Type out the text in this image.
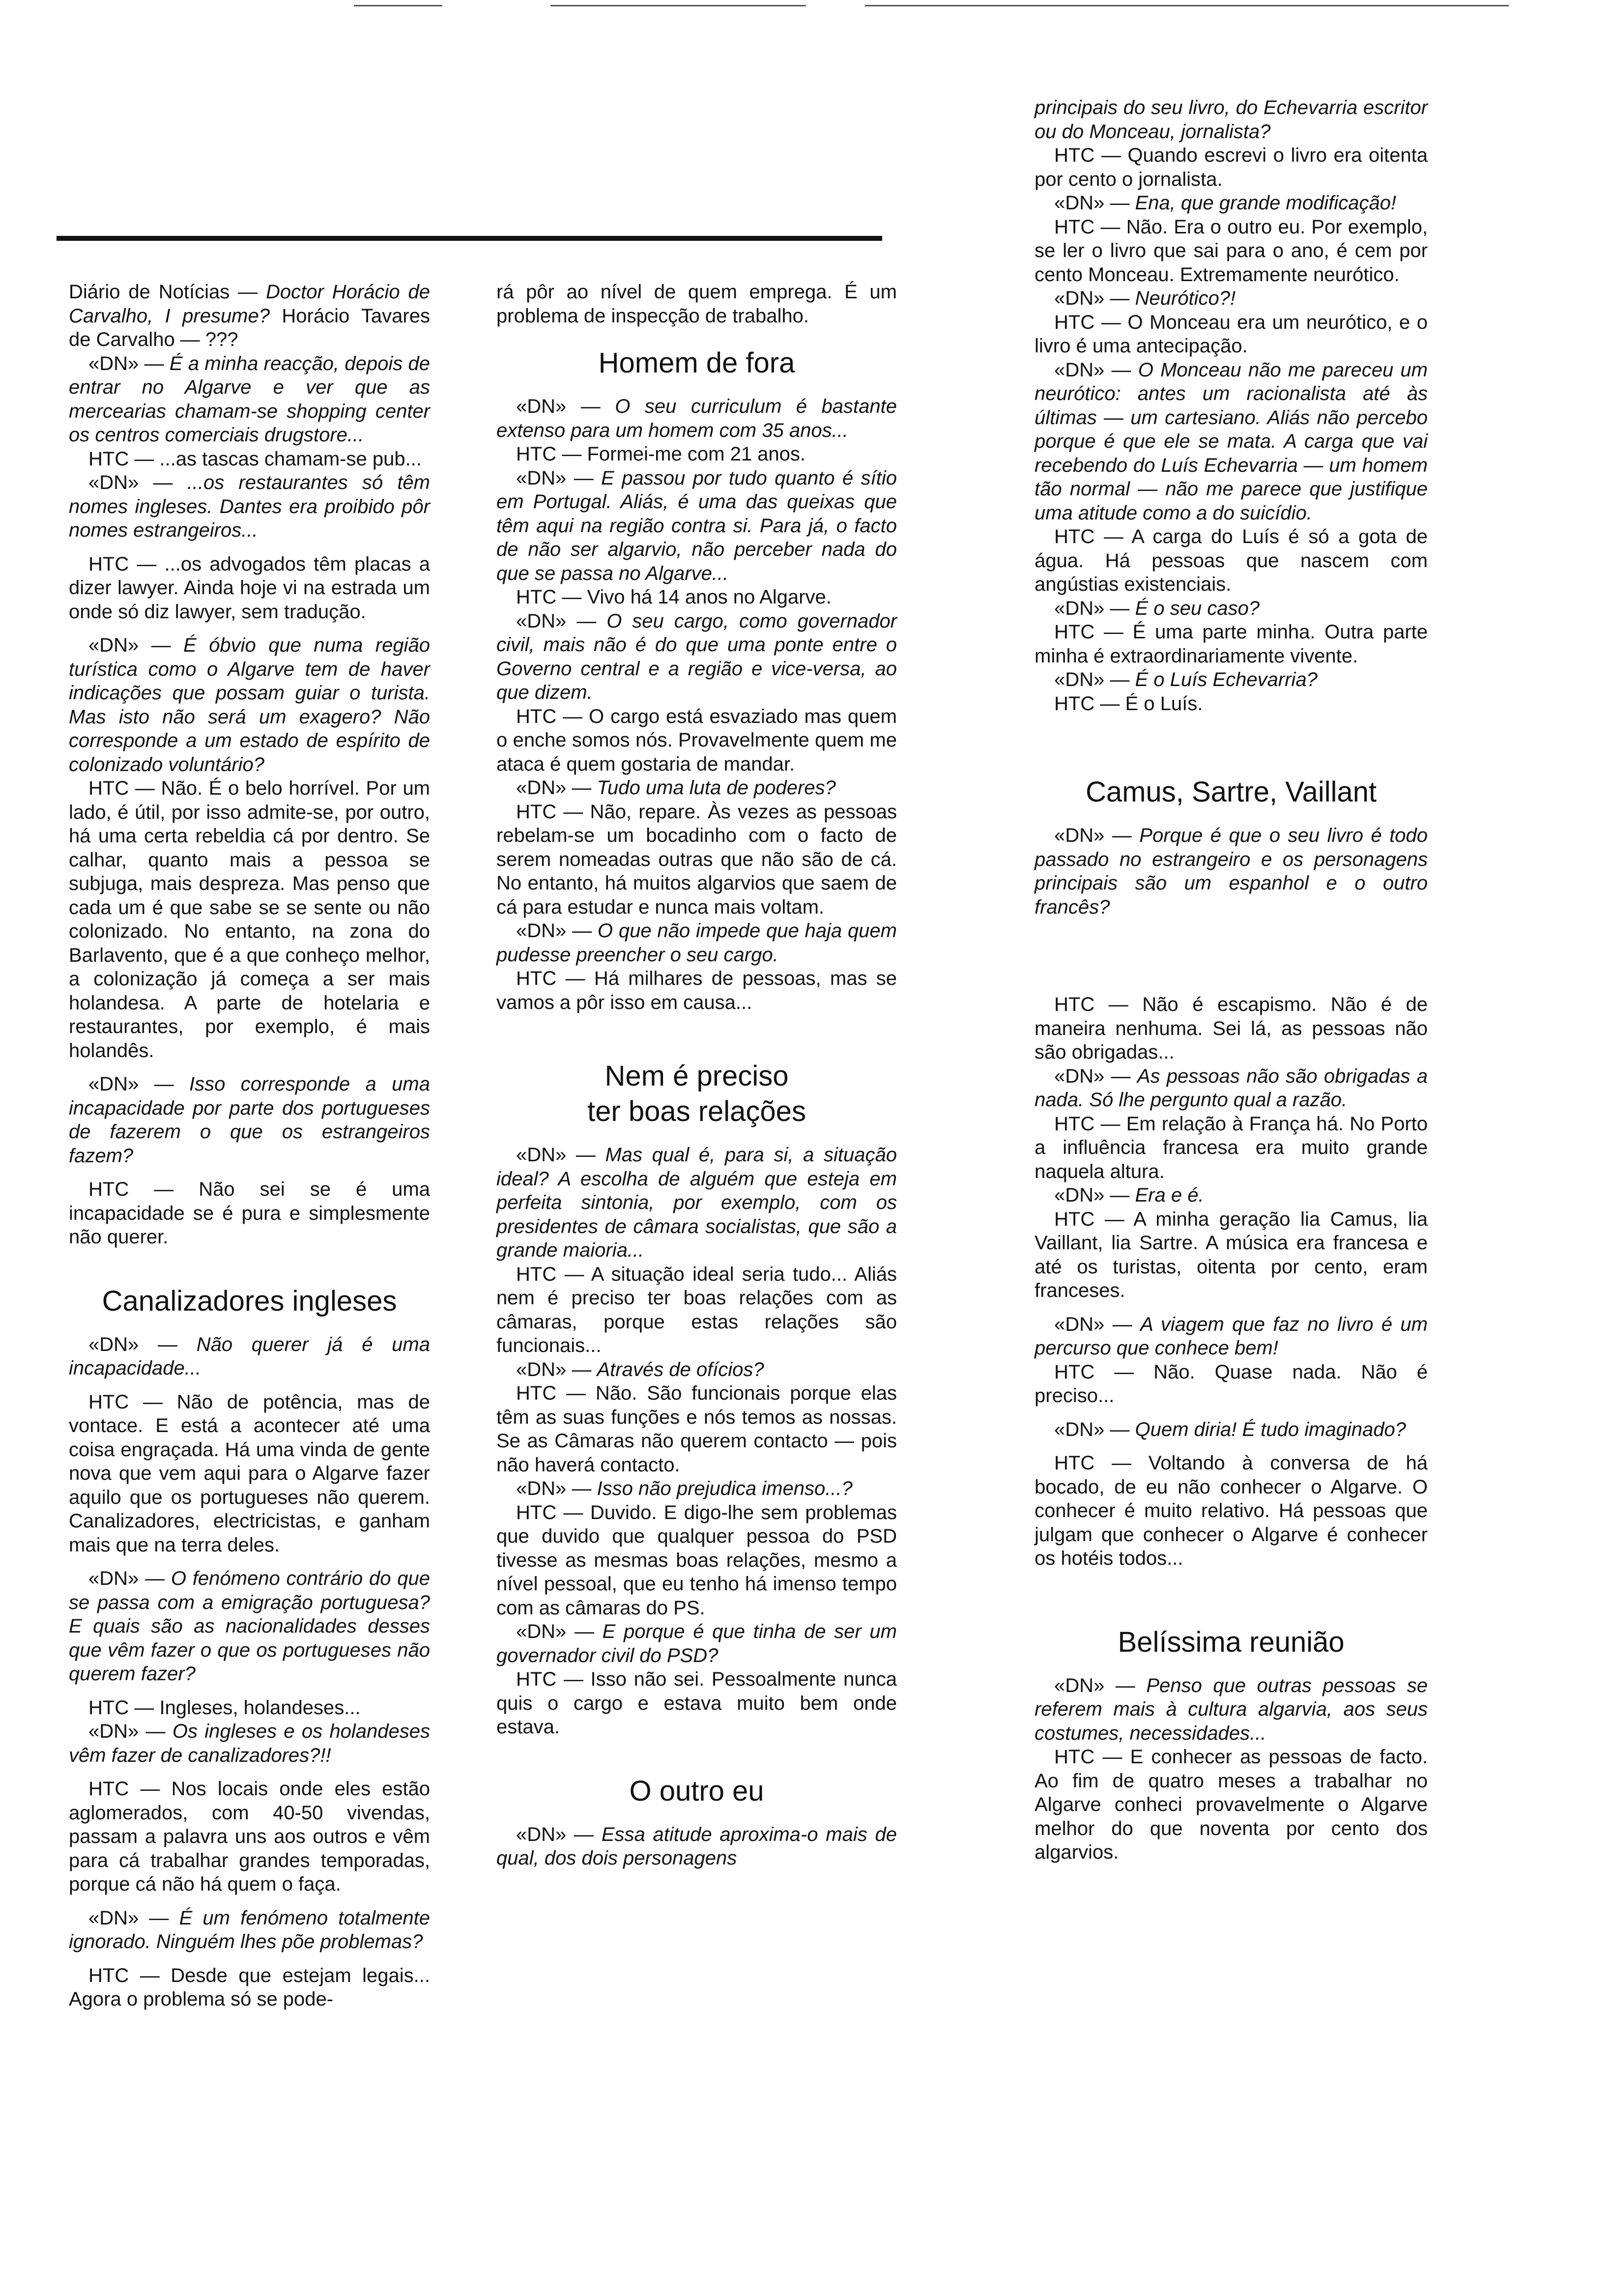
Diário de Notícias — Doctor Horácio de Carvalho, I presume? Horácio Tavares de Carvalho — ???

«DN» — É a minha reacção, depois de entrar no Algarve e ver que as mercearias chamam-se shopping center os centros comerciais drugstore...

HTC — ...as tascas chamam-se pub...

«DN» — ...os restaurantes só têm nomes ingleses. Dantes era proibido pôr nomes estrangeiros...

HTC — ...os advogados têm placas a dizer lawyer. Ainda hoje vi na estrada um onde só diz lawyer, sem tradução.

«DN» — É óbvio que numa região turística como o Algarve tem de haver indicações que possam guiar o turista. Mas isto não será um exagero? Não corresponde a um estado de espírito de colonizado voluntário?

HTC — Não. É o belo horrível. Por um lado, é útil, por isso admite-se, por outro, há uma certa rebeldia cá por dentro. Se calhar, quanto mais a pessoa se subjuga, mais despreza. Mas penso que cada um é que sabe se se sente ou não colonizado. No entanto, na zona do Barlavento, que é a que conheço melhor, a colonização já começa a ser mais holandesa. A parte de hotelaria e restaurantes, por exemplo, é mais holandês.

«DN» — Isso corresponde a uma incapacidade por parte dos portugueses de fazerem o que os estrangeiros fazem?

HTC — Não sei se é uma incapacidade se é pura e simplesmente não querer.

Canalizadores ingleses

«DN» — Não querer já é uma incapacidade...

HTC — Não de potência, mas de vontace. E está a acontecer até uma coisa engraçada. Há uma vinda de gente nova que vem aqui para o Algarve fazer aquilo que os portugueses não querem. Canalizadores, electricistas, e ganham mais que na terra deles.

«DN» — O fenómeno contrário do que se passa com a emigração portuguesa? E quais são as nacionalidades desses que vêm fazer o que os portugueses não querem fazer?

HTC — Ingleses, holandeses...

«DN» — Os ingleses e os holandeses vêm fazer de canalizadores?!!

HTC — Nos locais onde eles estão aglomerados, com 40-50 vivendas, passam a palavra uns aos outros e vêm para cá trabalhar grandes temporadas, porque cá não há quem o faça.

«DN» — É um fenómeno totalmente ignorado. Ninguém lhes põe problemas?

HTC — Desde que estejam legais... Agora o problema só se pode-

rá pôr ao nível de quem emprega. É um problema de inspecção de trabalho.

Homem de fora

«DN» — O seu curriculum é bastante extenso para um homem com 35 anos...

HTC — Formei-me com 21 anos.

«DN» — E passou por tudo quanto é sítio em Portugal. Aliás, é uma das queixas que têm aqui na região contra si. Para já, o facto de não ser algarvio, não perceber nada do que se passa no Algarve...

HTC — Vivo há 14 anos no Algarve.

«DN» — O seu cargo, como governador civil, mais não é do que uma ponte entre o Governo central e a região e vice-versa, ao que dizem.

HTC — O cargo está esvaziado mas quem o enche somos nós. Provavelmente quem me ataca é quem gostaria de mandar.

«DN» — Tudo uma luta de poderes?

HTC — Não, repare. Às vezes as pessoas rebelam-se um bocadinho com o facto de serem nomeadas outras que não são de cá. No entanto, há muitos algarvios que saem de cá para estudar e nunca mais voltam.

«DN» — O que não impede que haja quem pudesse preencher o seu cargo.

HTC — Há milhares de pessoas, mas se vamos a pôr isso em causa...

Nem é preciso
ter boas relações

«DN» — Mas qual é, para si, a situação ideal? A escolha de alguém que esteja em perfeita sintonia, por exemplo, com os presidentes de câmara socialistas, que são a grande maioria...

HTC — A situação ideal seria tudo... Aliás nem é preciso ter boas relações com as câmaras, porque estas relações são funcionais...

«DN» — Através de ofícios?

HTC — Não. São funcionais porque elas têm as suas funções e nós temos as nossas. Se as Câmaras não querem contacto — pois não haverá contacto.

«DN» — Isso não prejudica imenso...?

HTC — Duvido. E digo-lhe sem problemas que duvido que qualquer pessoa do PSD tivesse as mesmas boas relações, mesmo a nível pessoal, que eu tenho há imenso tempo com as câmaras do PS.

«DN» — E porque é que tinha de ser um governador civil do PSD?

HTC — Isso não sei. Pessoalmente nunca quis o cargo e estava muito bem onde estava.

O outro eu

«DN» — Essa atitude aproxima-o mais de qual, dos dois personagens

principais do seu livro, do Echevarria escritor ou do Monceau, jornalista?

HTC — Quando escrevi o livro era oitenta por cento o jornalista.

«DN» — Ena, que grande modificação!

HTC — Não. Era o outro eu. Por exemplo, se ler o livro que sai para o ano, é cem por cento Monceau. Extremamente neurótico.

«DN» — Neurótico?!

HTC — O Monceau era um neurótico, e o livro é uma antecipação.

«DN» — O Monceau não me pareceu um neurótico: antes um racionalista até às últimas — um cartesiano. Aliás não percebo porque é que ele se mata. A carga que vai recebendo do Luís Echevarria — um homem tão normal — não me parece que justifique uma atitude como a do suicídio.

HTC — A carga do Luís é só a gota de água. Há pessoas que nascem com angústias existenciais.

«DN» — É o seu caso?

HTC — É uma parte minha. Outra parte minha é extraordinariamente vivente.

«DN» — É o Luís Echevarria?

HTC — É o Luís.

Camus, Sartre, Vaillant

«DN» — Porque é que o seu livro é todo passado no estrangeiro e os personagens principais são um espanhol e o outro francês?

HTC — Não é escapismo. Não é de maneira nenhuma. Sei lá, as pessoas não são obrigadas...

«DN» — As pessoas não são obrigadas a nada. Só lhe pergunto qual a razão.

HTC — Em relação à França há. No Porto a influência francesa era muito grande naquela altura.

«DN» — Era e é.

HTC — A minha geração lia Camus, lia Vaillant, lia Sartre. A música era francesa e até os turistas, oitenta por cento, eram franceses.

«DN» — A viagem que faz no livro é um percurso que conhece bem!

HTC — Não. Quase nada. Não é preciso...

«DN» — Quem diria! É tudo imaginado?

HTC — Voltando à conversa de há bocado, de eu não conhecer o Algarve. O conhecer é muito relativo. Há pessoas que julgam que conhecer o Algarve é conhecer os hotéis todos...

Belíssima reunião

«DN» — Penso que outras pessoas se referem mais à cultura algarvia, aos seus costumes, necessidades...

HTC — E conhecer as pessoas de facto. Ao fim de quatro meses a trabalhar no Algarve conheci provavelmente o Algarve melhor do que noventa por cento dos algarvios.
